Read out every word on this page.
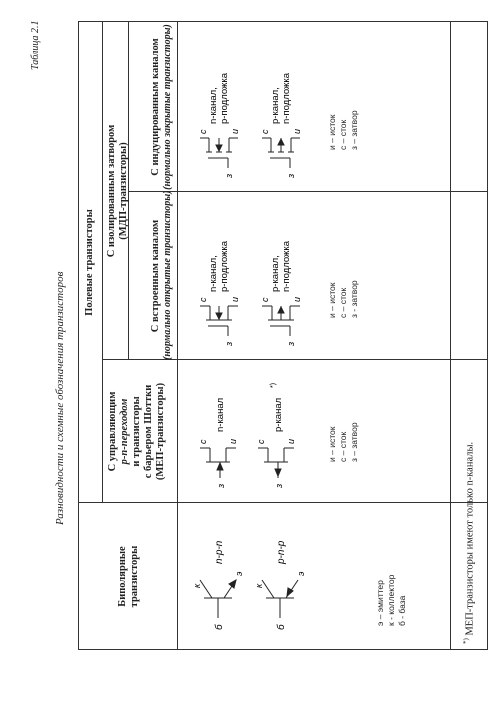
Таблица 2.1
Разновидности и схемные обозначения транзисторов
Биполярные транзисторы
Полевые транзисторы
С управляющим p-n-переходом и транзисторы с барьером Шоттки (МЕП-транзисторы)
С изолированным затвором (МДП-транзисторы)
С встроенным каналом (нормально открытые транзисторы)
С индуцированным каналом (нормально закрытые транзисторы)
б
к
э
n-p-n
б
к
э
p-n-p
э – эмиттер к - коллектор б - база
з
с и
n-канал
з
с и
p-канал
*)
и – исток с – сток з – затвор
з
с и
n-канал, p-подложка
з
с и
p-канал, n-подложка
и – исток с – сток з - затвор
з
с и
n-канал, p-подложка
з
с и
p-канал, n-подложка
и – исток с – сток з – затвор
*) МЕП-транзисторы имеют только n-каналы.
